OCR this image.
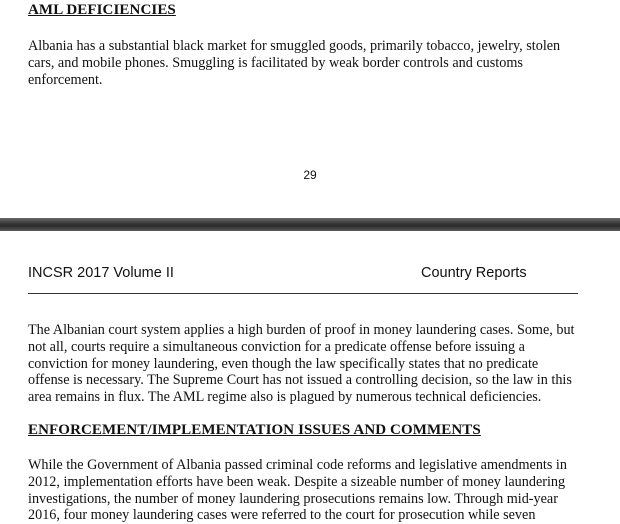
AML DEFICIENCIES
Albania has a substantial black market for smuggled goods, primarily tobacco, jewelry, stolen
cars, and mobile phones. Smuggling is facilitated by weak border controls and customs
enforcement.
29
INCSR 2017 Volume II	Country Reports
The Albanian court system applies a high burden of proof in money laundering cases. Some, but
not all, courts require a simultaneous conviction for a predicate offense before issuing a
conviction for money laundering, even though the law specifically states that no predicate
offense is necessary. The Supreme Court has not issued a controlling decision, so the law in this
area remains in flux. The AML regime also is plagued by numerous technical deficiencies.
ENFORCEMENT/IMPLEMENTATION ISSUES AND COMMENTS
While the Government of Albania passed criminal code reforms and legislative amendments in
2012, implementation efforts have been weak. Despite a sizeable number of money laundering
investigations, the number of money laundering prosecutions remains low. Through mid-year
2016, four money laundering cases were referred to the court for prosecution while seven
